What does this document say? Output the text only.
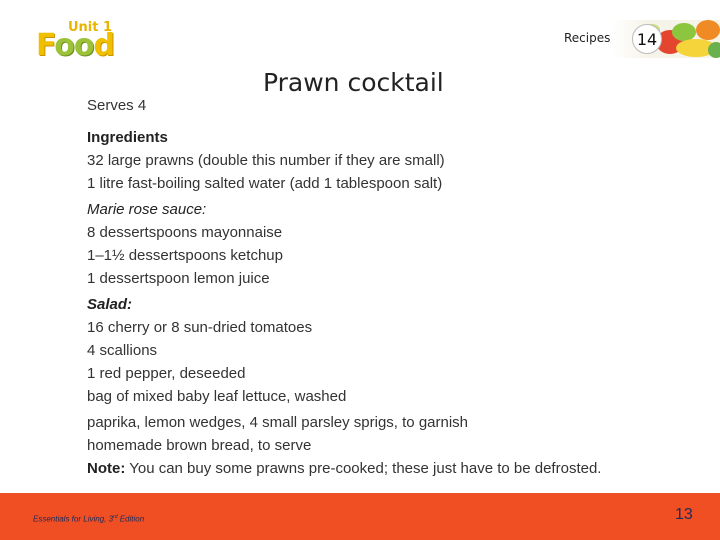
Unit 1
Food	Recipes	14
Prawn cocktail
Serves 4
Ingredients
32 large prawns (double this number if they are small)
1 litre fast-boiling salted water (add 1 tablespoon salt)
Marie rose sauce:
8 dessertspoons mayonnaise
1–1½ dessertspoons ketchup
1 dessertspoon lemon juice
Salad:
16 cherry or 8 sun-dried tomatoes
4 scallions
1 red pepper, deseeded
bag of mixed baby leaf lettuce, washed
paprika, lemon wedges, 4 small parsley sprigs, to garnish
homemade brown bread, to serve
Note: You can buy some prawns pre-cooked; these just have to be defrosted.
Essentials for Living, 3rd Edition	13
